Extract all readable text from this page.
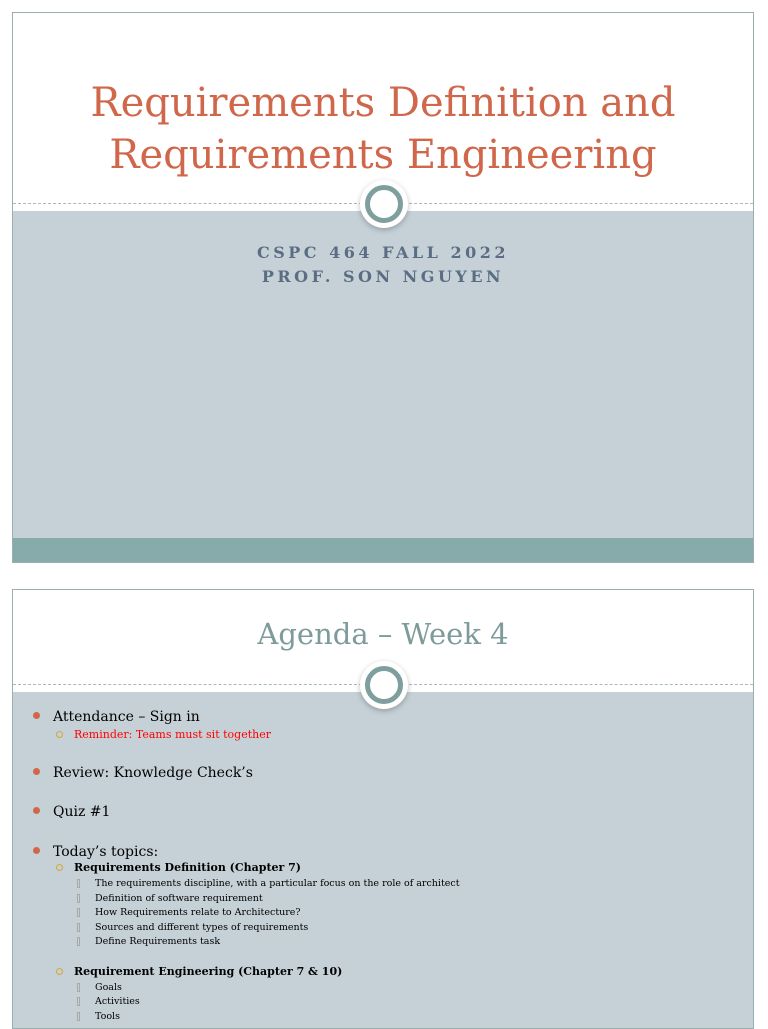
Requirements Definition and
Requirements Engineering
CSPC 464 FALL 2022
PROF. SON NGUYEN
Agenda – Week 4
Attendance – Sign in
Reminder: Teams must sit together
Review: Knowledge Check’s
Quiz #1
Today’s topics:
Requirements Definition (Chapter 7)
The requirements discipline, with a particular focus on the role of architect
Definition of software requirement
How Requirements relate to Architecture?
Sources and different types of requirements
Define Requirements task
Requirement Engineering (Chapter 7 & 10)
Goals
Activities
Tools
